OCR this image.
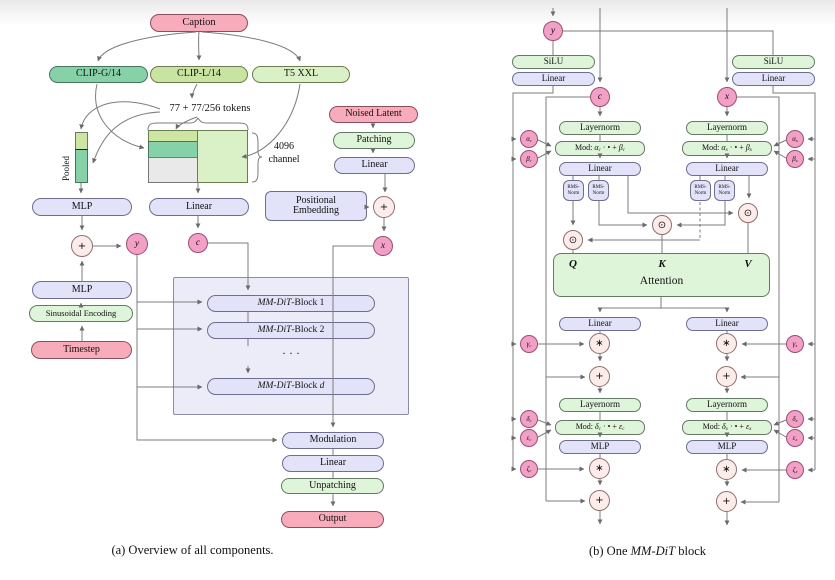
Caption
CLIP-G/14	CLIP-L/14	T5 XXL
77 + 77/256 tokens
Pooled
4096
channel
Noised Latent
Patching
Linear
Positional
Embedding
MLP	Linear
MLP
Sinusoidal Encoding
Timestep
+	y	c
+
x
MM-DiT-Block 1
MM-DiT-Block 2
· · ·
MM-DiT-Block d
Modulation
Linear
Unpatching
Output
(a) Overview of all components.
y
c	x
SiLU
Linear
SiLU
Linear
Layernorm
Mod: αc · • + βc
Linear
Layernorm
Mod: αx · • + βx
Linear
RMS-
Norm
RMS-
Norm
RMS-
Norm
RMS-
Norm
⊙
⊙
⊙
Q	K	V
Attention
Linear	Linear
Layernorm
Mod: δc · • + εc
MLP
Layernorm
Mod: δx · • + εx
MLP
∗
+
∗
+
∗
+
∗
+
αc
βc
γc
δc
εc
ζc
αx
βx
γx
δx
εx
ζx
(b) One MM-DiT block
